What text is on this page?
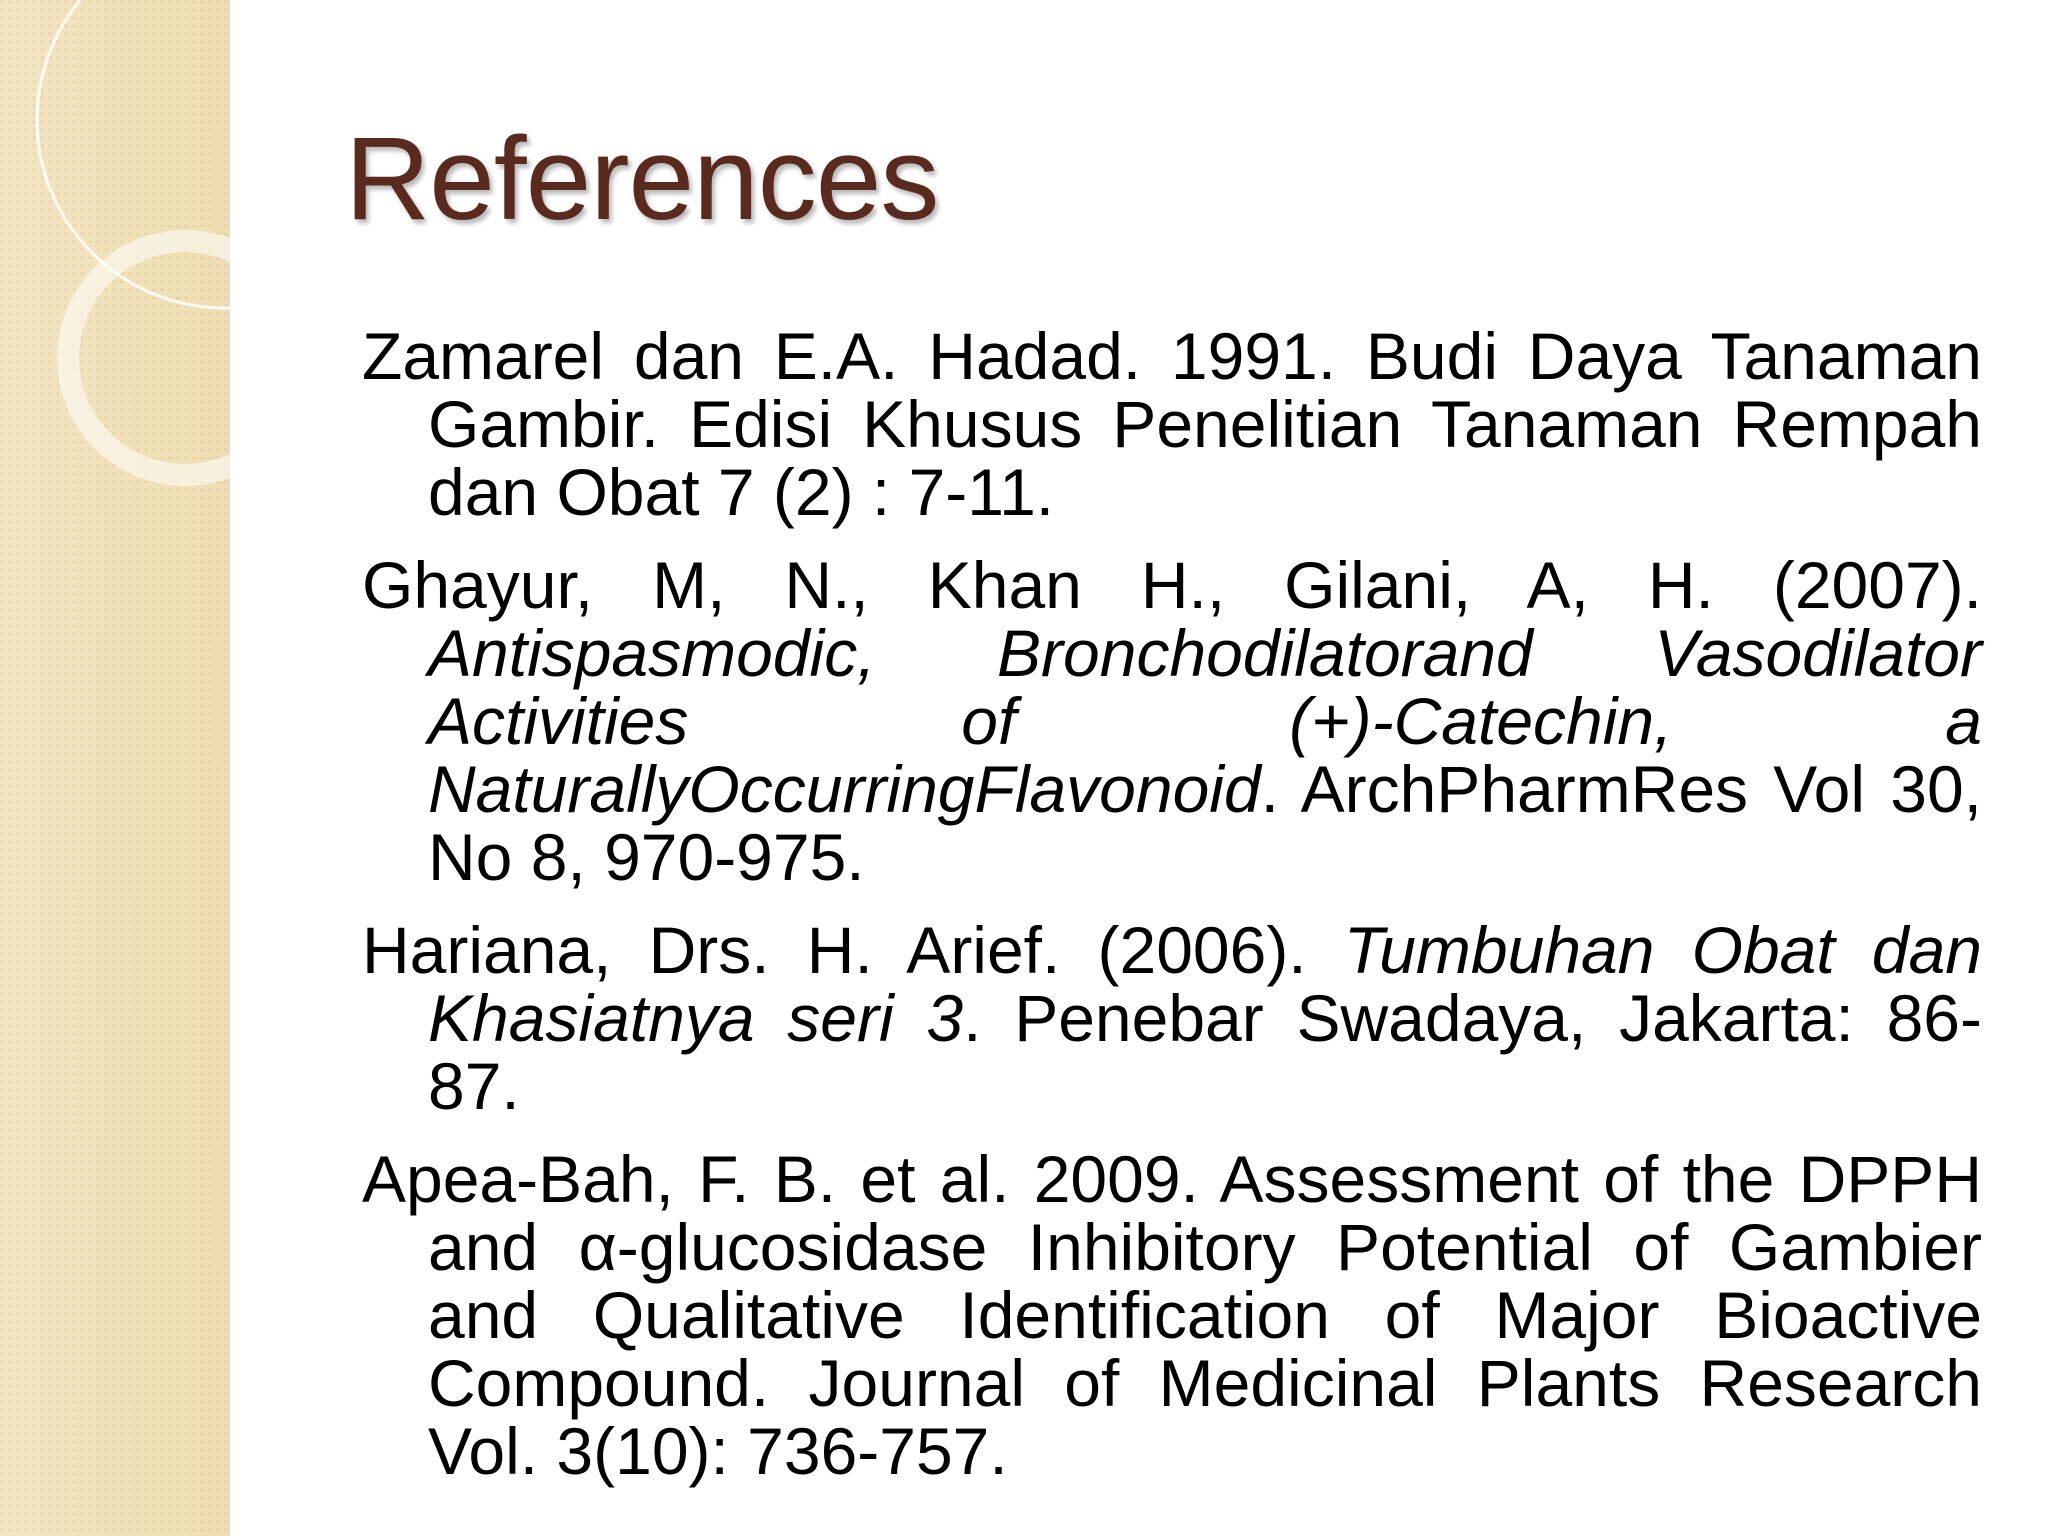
References

Zamarel dan E.A. Hadad. 1991. Budi Daya Tanaman Gambir. Edisi Khusus Penelitian Tanaman Rempah dan Obat 7 (2) : 7-11.

Ghayur, M, N., Khan H., Gilani, A, H. (2007). Antispasmodic, Bronchodilatorand Vasodilator Activities of (+)-Catechin, a NaturallyOccurringFlavonoid. ArchPharmRes Vol 30, No 8, 970-975.

Hariana, Drs. H. Arief. (2006). Tumbuhan Obat dan Khasiatnya seri 3. Penebar Swadaya, Jakarta: 86-87.

Apea-Bah, F. B. et al. 2009. Assessment of the DPPH and α-glucosidase Inhibitory Potential of Gambier and Qualitative Identification of Major Bioactive Compound. Journal of Medicinal Plants Research Vol. 3(10): 736-757.
